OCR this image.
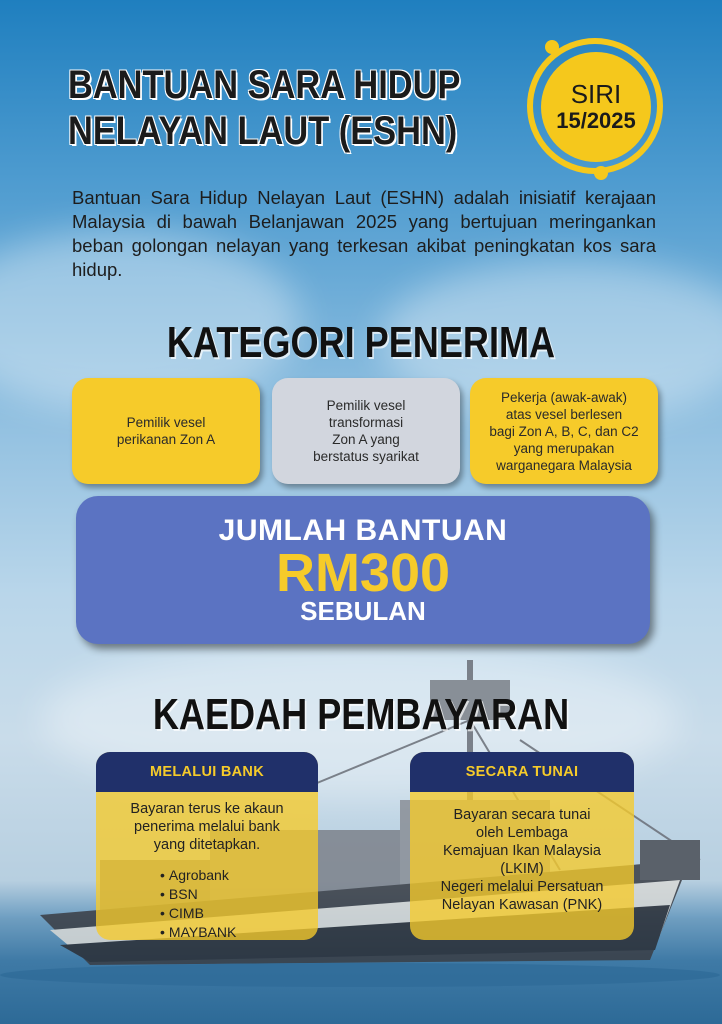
BANTUAN SARA HIDUP
NELAYAN LAUT (ESHN)
SIRI
15/2025
Bantuan Sara Hidup Nelayan Laut (ESHN) adalah inisiatif kerajaan Malaysia di bawah Belanjawan 2025 yang bertujuan meringankan beban golongan nelayan yang terkesan akibat peningkatan kos sara hidup.
KATEGORI PENERIMA
Pemilik vesel
perikanan Zon A
Pemilik vesel
transformasi
Zon A yang
berstatus syarikat
Pekerja (awak-awak)
atas vesel berlesen
bagi Zon A, B, C, dan C2
yang merupakan
warganegara Malaysia
JUMLAH BANTUAN
RM300
SEBULAN
KAEDAH PEMBAYARAN
MELALUI BANK
Bayaran terus ke akaun
penerima melalui bank
yang ditetapkan.
• Agrobank
• BSN
• CIMB
• MAYBANK
SECARA TUNAI
Bayaran secara tunai
oleh Lembaga
Kemajuan Ikan Malaysia
(LKIM)
Negeri melalui Persatuan
Nelayan Kawasan (PNK)
